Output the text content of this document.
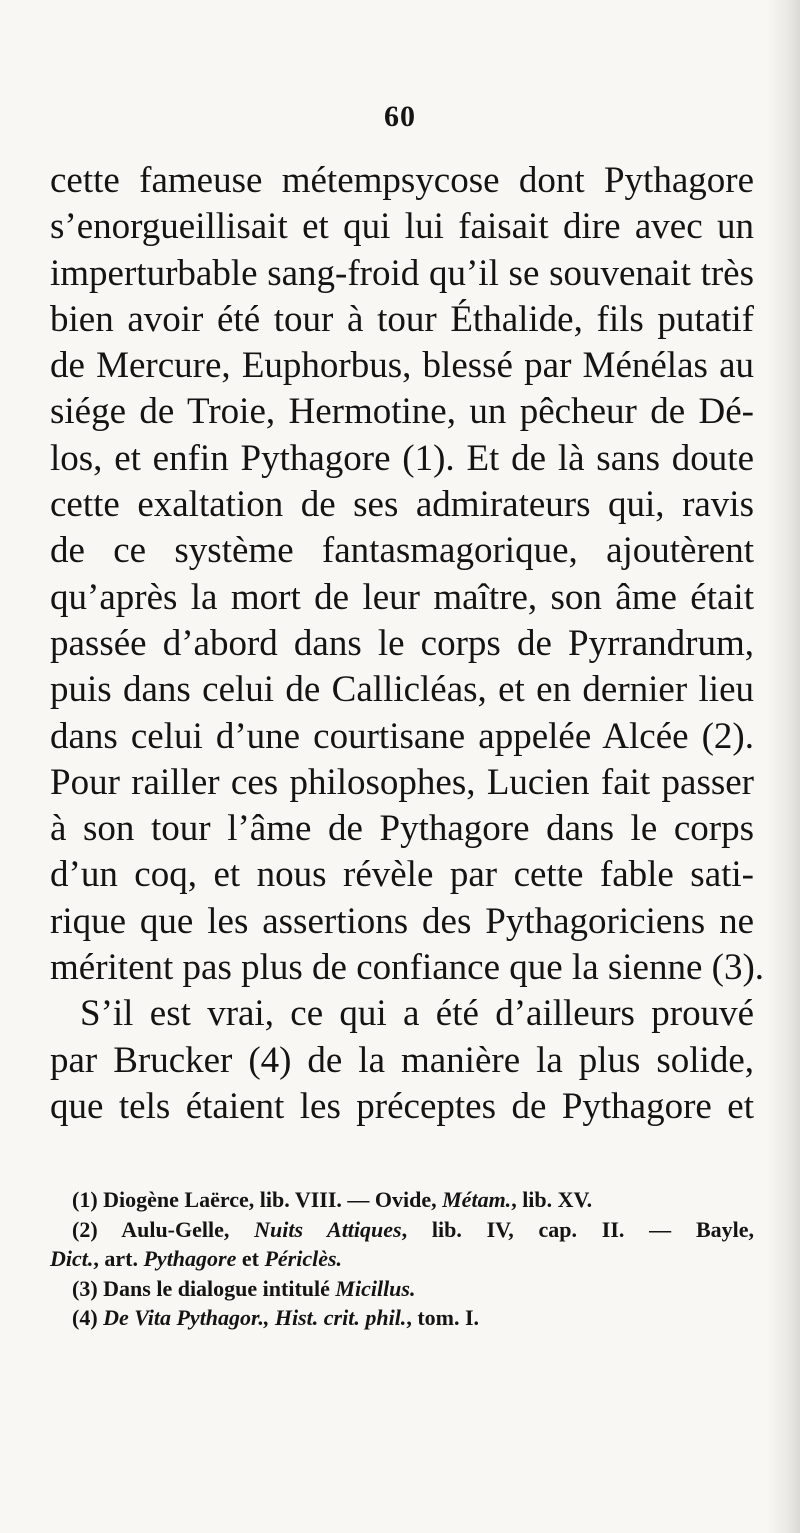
60
cette fameuse métempsycose dont Pythagore
s’enorgueillisait et qui lui faisait dire avec un
imperturbable sang-froid qu’il se souvenait très
bien avoir été tour à tour Éthalide, fils putatif
de Mercure, Euphorbus, blessé par Ménélas au
siége de Troie, Hermotine, un pêcheur de Dé-
los, et enfin Pythagore (1). Et de là sans doute
cette exaltation de ses admirateurs qui, ravis
de ce système fantasmagorique, ajoutèrent
qu’après la mort de leur maître, son âme était
passée d’abord dans le corps de Pyrrandrum,
puis dans celui de Callicléas, et en dernier lieu
dans celui d’une courtisane appelée Alcée (2).
Pour railler ces philosophes, Lucien fait passer
à son tour l’âme de Pythagore dans le corps
d’un coq, et nous révèle par cette fable sati-
rique que les assertions des Pythagoriciens ne
méritent pas plus de confiance que la sienne (3).
S’il est vrai, ce qui a été d’ailleurs prouvé
par Brucker (4) de la manière la plus solide,
que tels étaient les préceptes de Pythagore et
(1) Diogène Laërce, lib. VIII. — Ovide, Métam., lib. XV.
(2) Aulu-Gelle, Nuits Attiques, lib. IV, cap. II. — Bayle,
Dict., art. Pythagore et Périclès.
(3) Dans le dialogue intitulé Micillus.
(4) De Vita Pythagor., Hist. crit. phil., tom. I.
